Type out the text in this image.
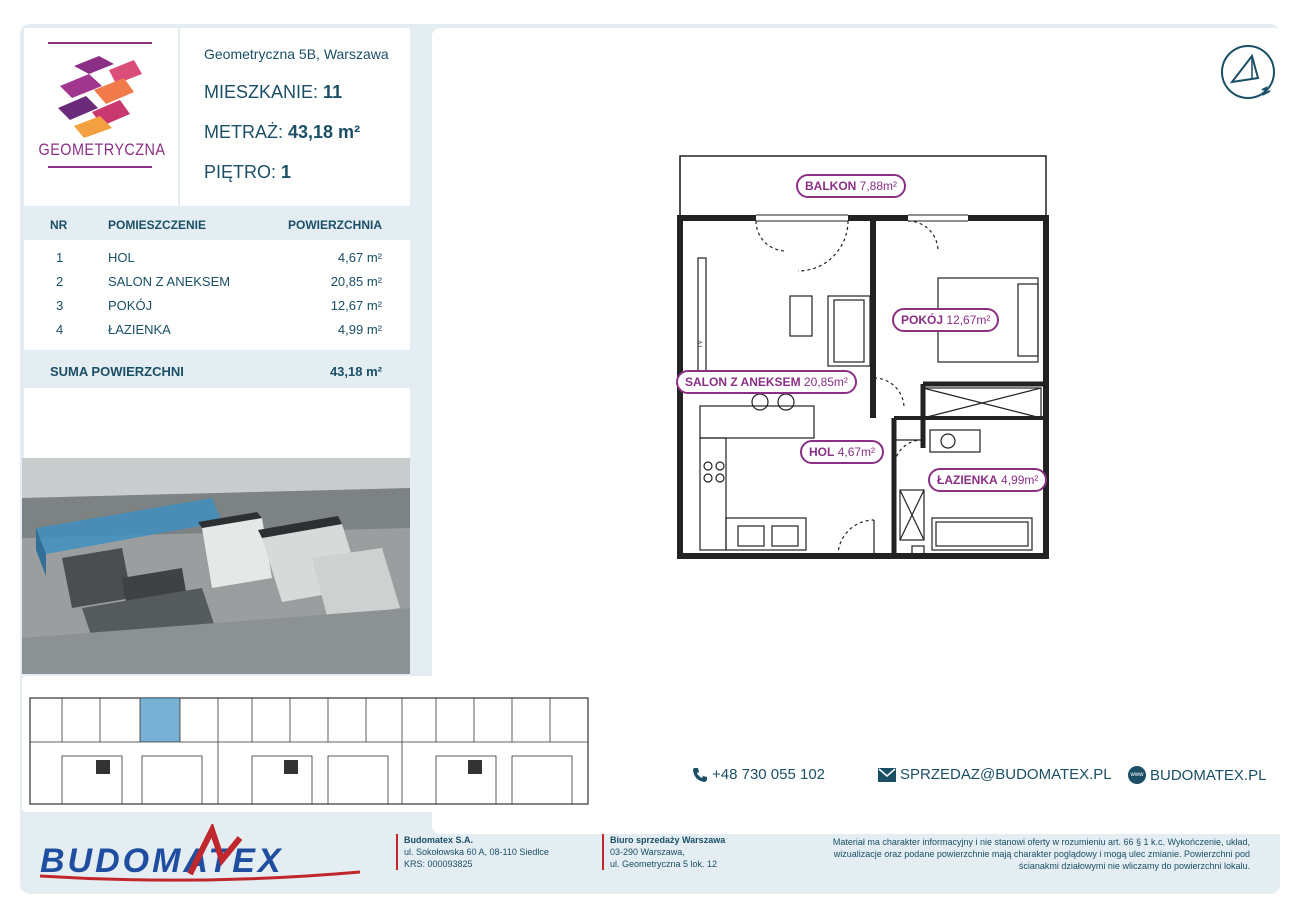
TV
BALKON 7,88m²
POKÓJ 12,67m²
SALON Z ANEKSEM 20,85m²
HOL 4,67m²
ŁAZIENKA 4,99m²
GEOMETRYCZNA
Geometryczna 5B, Warszawa
MIESZKANIE: 11
METRAŻ: 43,18 m²
PIĘTRO: 1
NR	POMIESZCZENIE	POWIERZCHNIA
1	HOL	4,67 m²
2	SALON Z ANEKSEM	20,85 m²
3	POKÓJ	12,67 m²
4	ŁAZIENKA	4,99 m²
SUMA POWIERZCHNI	43,18 m²
+48 730 055 102	SPRZEDAZ@BUDOMATEX.PL	www BUDOMATEX.PL
BUDOMATEX
Budomatex S.A.
ul. Sokołowska 60 A, 08-110 Siedlce
KRS: 000093825
Biuro sprzedaży Warszawa
03-290 Warszawa,
ul. Geometryczna 5 lok. 12
Materiał ma charakter informacyjny i nie stanowi oferty w rozumieniu art. 66 § 1 k.c. Wykończenie, układ,
wizualizacje oraz podane powierzchnie mają charakter poglądowy i mogą ulec zmianie. Powierzchni pod
ścianakmi działowymi nie wliczamy do powierzchni lokalu.
